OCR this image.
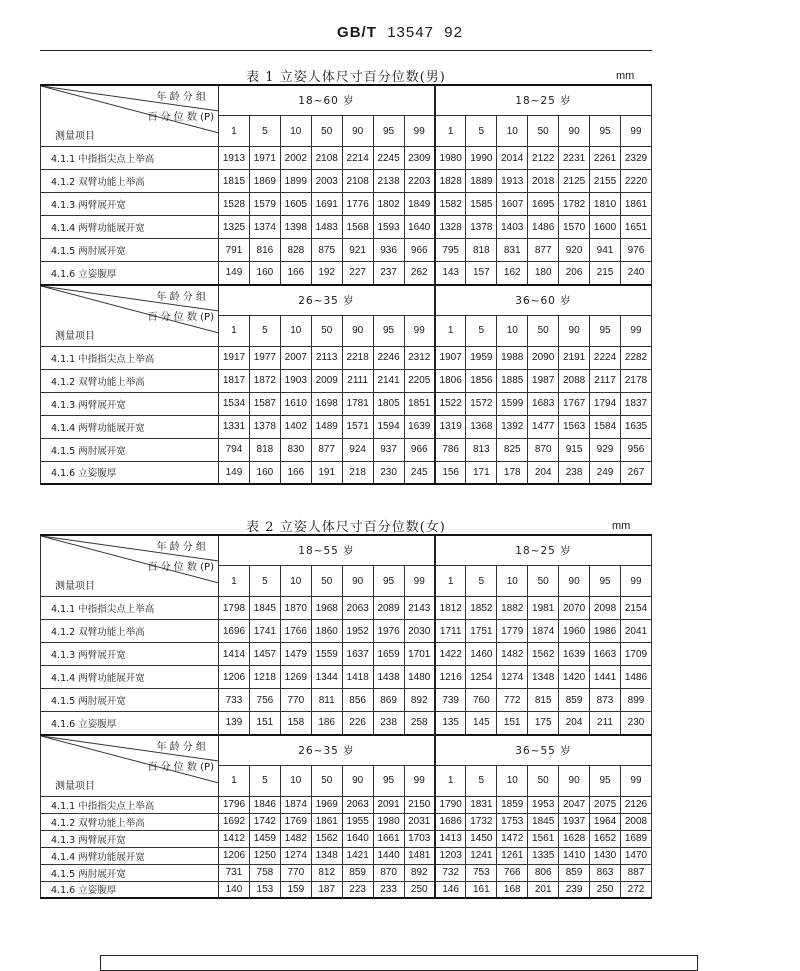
GB/T 13547 92
表 1 立姿人体尺寸百分位数(男)	mm
年 龄 分 组
百 分 位 数 (P)
测量项目	18~60 岁							18~25 岁						
	1	5	10	50	90	95	99	1	5	10	50	90	95	99
4.1.1 中指指尖点上举高	1913	1971	2002	2108	2214	2245	2309	1980	1990	2014	2122	2231	2261	2329
4.1.2 双臂功能上举高	1815	1869	1899	2003	2108	2138	2203	1828	1889	1913	2018	2125	2155	2220
4.1.3 两臂展开宽	1528	1579	1605	1691	1776	1802	1849	1582	1585	1607	1695	1782	1810	1861
4.1.4 两臂功能展开宽	1325	1374	1398	1483	1568	1593	1640	1328	1378	1403	1486	1570	1600	1651
4.1.5 两肘展开宽	791	816	828	875	921	936	966	795	818	831	877	920	941	976
4.1.6 立姿腹厚	149	160	166	192	227	237	262	143	157	162	180	206	215	240

年 龄 分 组
百 分 位 数 (P)
测量项目	26~35 岁							36~60 岁						
	1	5	10	50	90	95	99	1	5	10	50	90	95	99
4.1.1 中指指尖点上举高	1917	1977	2007	2113	2218	2246	2312	1907	1959	1988	2090	2191	2224	2282
4.1.2 双臂功能上举高	1817	1872	1903	2009	2111	2141	2205	1806	1856	1885	1987	2088	2117	2178
4.1.3 两臂展开宽	1534	1587	1610	1698	1781	1805	1851	1522	1572	1599	1683	1767	1794	1837
4.1.4 两臂功能展开宽	1331	1378	1402	1489	1571	1594	1639	1319	1368	1392	1477	1563	1584	1635
4.1.5 两肘展开宽	794	818	830	877	924	937	966	786	813	825	870	915	929	956
4.1.6 立姿腹厚	149	160	166	191	218	230	245	156	171	178	204	238	249	267
表 2 立姿人体尺寸百分位数(女)	mm
年 龄 分 组
百 分 位 数 (P)
测量项目	18~55 岁							18~25 岁						
	1	5	10	50	90	95	99	1	5	10	50	90	95	99
4.1.1 中指指尖点上举高	1798	1845	1870	1968	2063	2089	2143	1812	1852	1882	1981	2070	2098	2154
4.1.2 双臂功能上举高	1696	1741	1766	1860	1952	1976	2030	1711	1751	1779	1874	1960	1986	2041
4.1.3 两臂展开宽	1414	1457	1479	1559	1637	1659	1701	1422	1460	1482	1562	1639	1663	1709
4.1.4 两臂功能展开宽	1206	1218	1269	1344	1418	1438	1480	1216	1254	1274	1348	1420	1441	1486
4.1.5 两肘展开宽	733	756	770	811	856	869	892	739	760	772	815	859	873	899
4.1.6 立姿腹厚	139	151	158	186	226	238	258	135	145	151	175	204	211	230

年 龄 分 组
百 分 位 数 (P)
测量项目	26~35 岁							36~55 岁						
	1	5	10	50	90	95	99	1	5	10	50	90	95	99
4.1.1 中指指尖点上举高	1796	1846	1874	1969	2063	2091	2150	1790	1831	1859	1953	2047	2075	2126
4.1.2 双臂功能上举高	1692	1742	1769	1861	1955	1980	2031	1686	1732	1753	1845	1937	1964	2008
4.1.3 两臂展开宽	1412	1459	1482	1562	1640	1661	1703	1413	1450	1472	1561	1628	1652	1689
4.1.4 两臂功能展开宽	1206	1250	1274	1348	1421	1440	1481	1203	1241	1261	1335	1410	1430	1470
4.1.5 两肘展开宽	731	758	770	812	859	870	892	732	753	766	806	859	863	887
4.1.6 立姿腹厚	140	153	159	187	223	233	250	146	161	168	201	239	250	272
